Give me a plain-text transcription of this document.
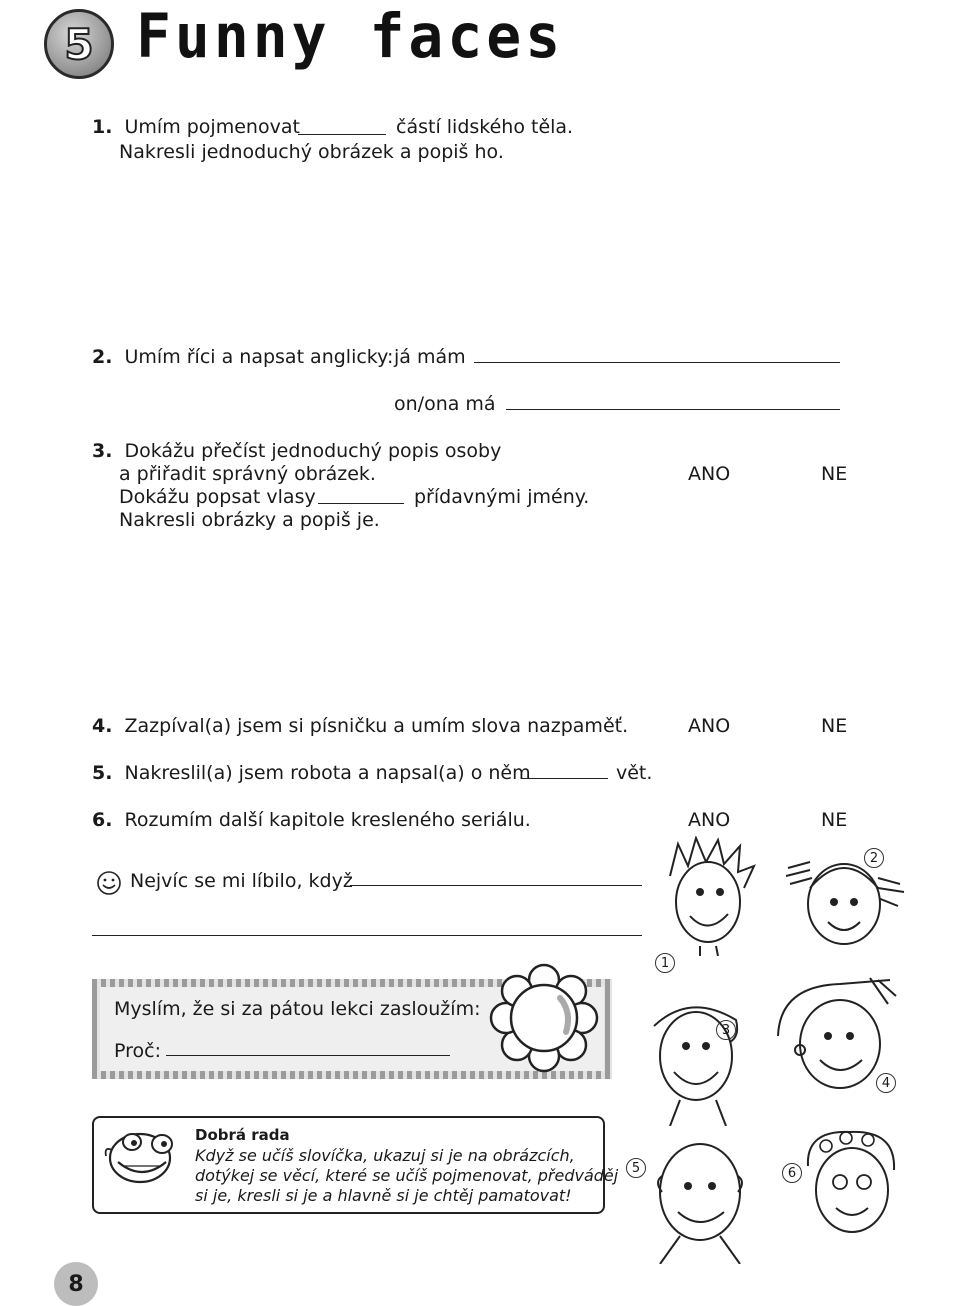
5 Funny faces
1. Umím pojmenovat	částí lidského těla.
Nakresli jednoduchý obrázek a popiš ho.
2. Umím říci a napsat anglicky: já mám
on/ona má
3. Dokážu přečíst jednoduchý popis osoby
a přiřadit správný obrázek.	ANO	NE
Dokážu popsat vlasy	přídavnými jmény.
Nakresli obrázky a popiš je.
4. Zazpíval(a) jsem si písničku a umím slova nazpaměť.	ANO	NE
5. Nakreslil(a) jsem robota a napsal(a) o něm	vět.
6. Rozumím další kapitole kresleného seriálu.	ANO	NE
Nejvíc se mi líbilo, když
Myslím, že si za pátou lekci zasloužím:
Proč:
Dobrá rada
Když se učíš slovíčka, ukazuj si je na obrázcích,
dotýkej se věcí, které se učíš pojmenovat, předváděj
si je, kresli si je a hlavně si je chtěj pamatovat!
1
2
3
4
5	6
8
